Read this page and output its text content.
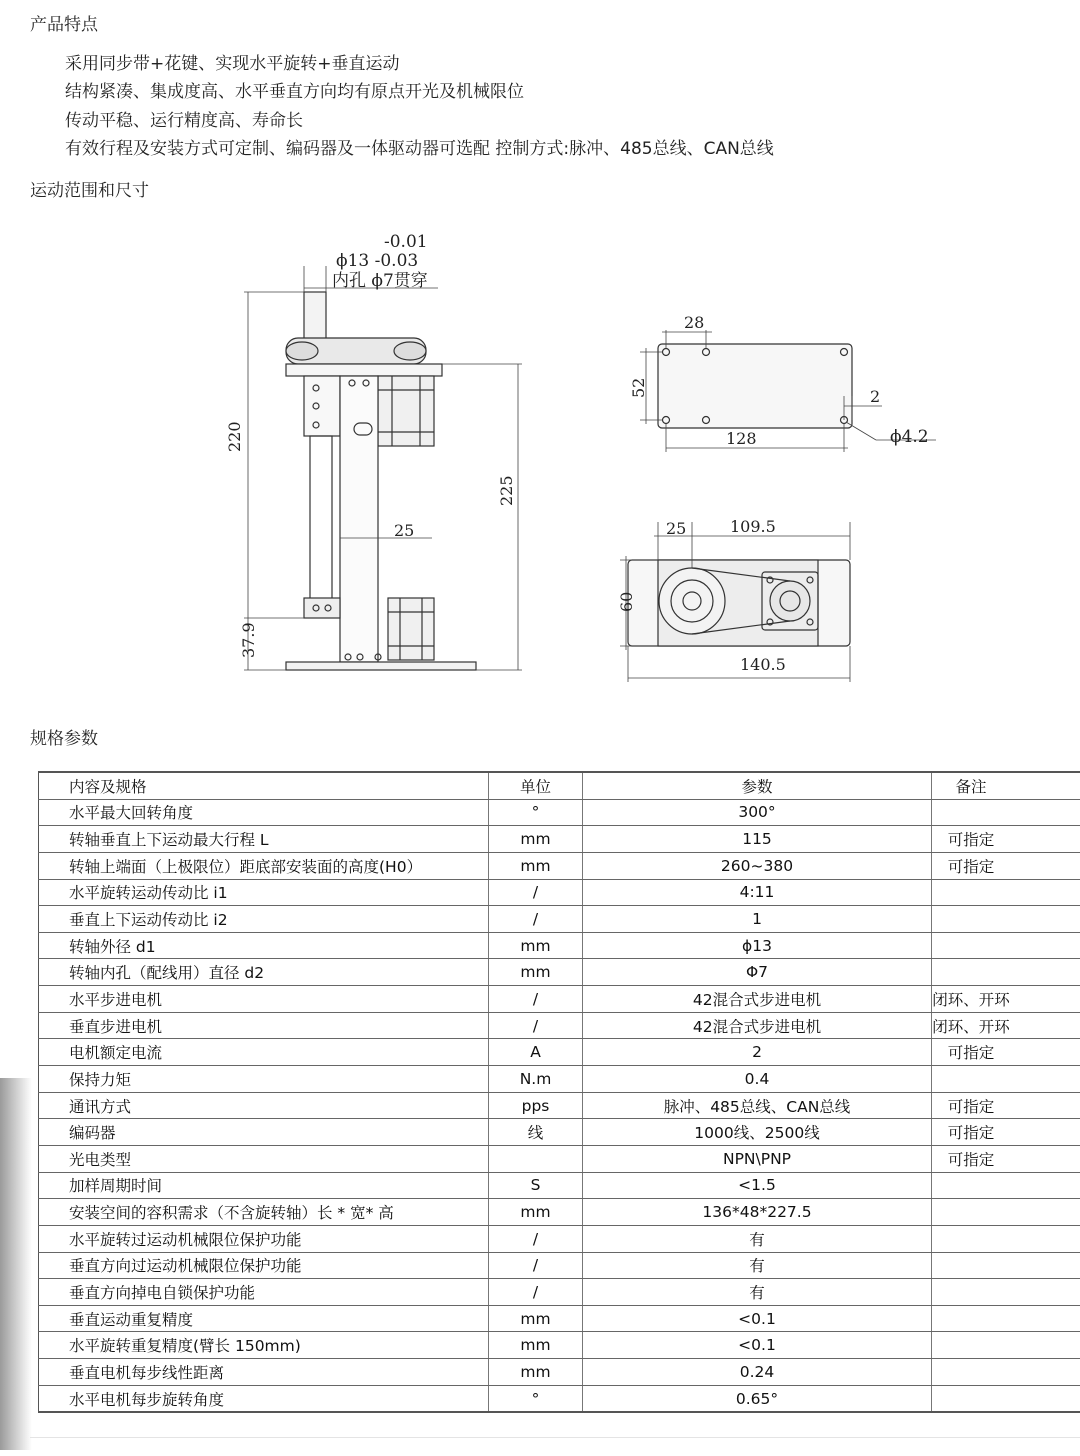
产品特点
采用同步带+花键、实现水平旋转+垂直运动
结构紧凑、集成度高、水平垂直方向均有原点开光及机械限位
传动平稳、运行精度高、寿命长
有效行程及安装方式可定制、编码器及一体驱动器可选配 控制方式:脉冲、485总线、CAN总线
运动范围和尺寸
-0.01
ϕ13 -0.03
内孔 ϕ7贯穿
220
225
25
37.9
28
52
128
2
ϕ4.2
25	109.5
60
140.5
规格参数
内容及规格	单位	参数	备注
水平最大回转角度	°	300°	
转轴垂直上下运动最大行程 L	mm	115	可指定
转轴上端面（上极限位）距底部安装面的高度(H0）	mm	260~380	可指定
水平旋转运动传动比 i1	/	4:11	
垂直上下运动传动比 i2	/	1	
转轴外径 d1	mm	ϕ13	
转轴内孔（配线用）直径 d2	mm	Φ7	
水平步进电机	/	42混合式步进电机	闭环、开环
垂直步进电机	/	42混合式步进电机	闭环、开环
电机额定电流	A	2	可指定
保持力矩	N.m	0.4	
通讯方式	pps	脉冲、485总线、CAN总线	可指定
编码器	线	1000线、2500线	可指定
光电类型		NPN\PNP	可指定
加样周期时间	S	<1.5	
安装空间的容积需求（不含旋转轴）长 * 宽* 高	mm	136*48*227.5	
水平旋转过运动机械限位保护功能	/	有	
垂直方向过运动机械限位保护功能	/	有	
垂直方向掉电自锁保护功能	/	有	
垂直运动重复精度	mm	<0.1	
水平旋转重复精度(臂长 150mm)	mm	<0.1	
垂直电机每步线性距离	mm	0.24	
水平电机每步旋转角度	°	0.65°	
